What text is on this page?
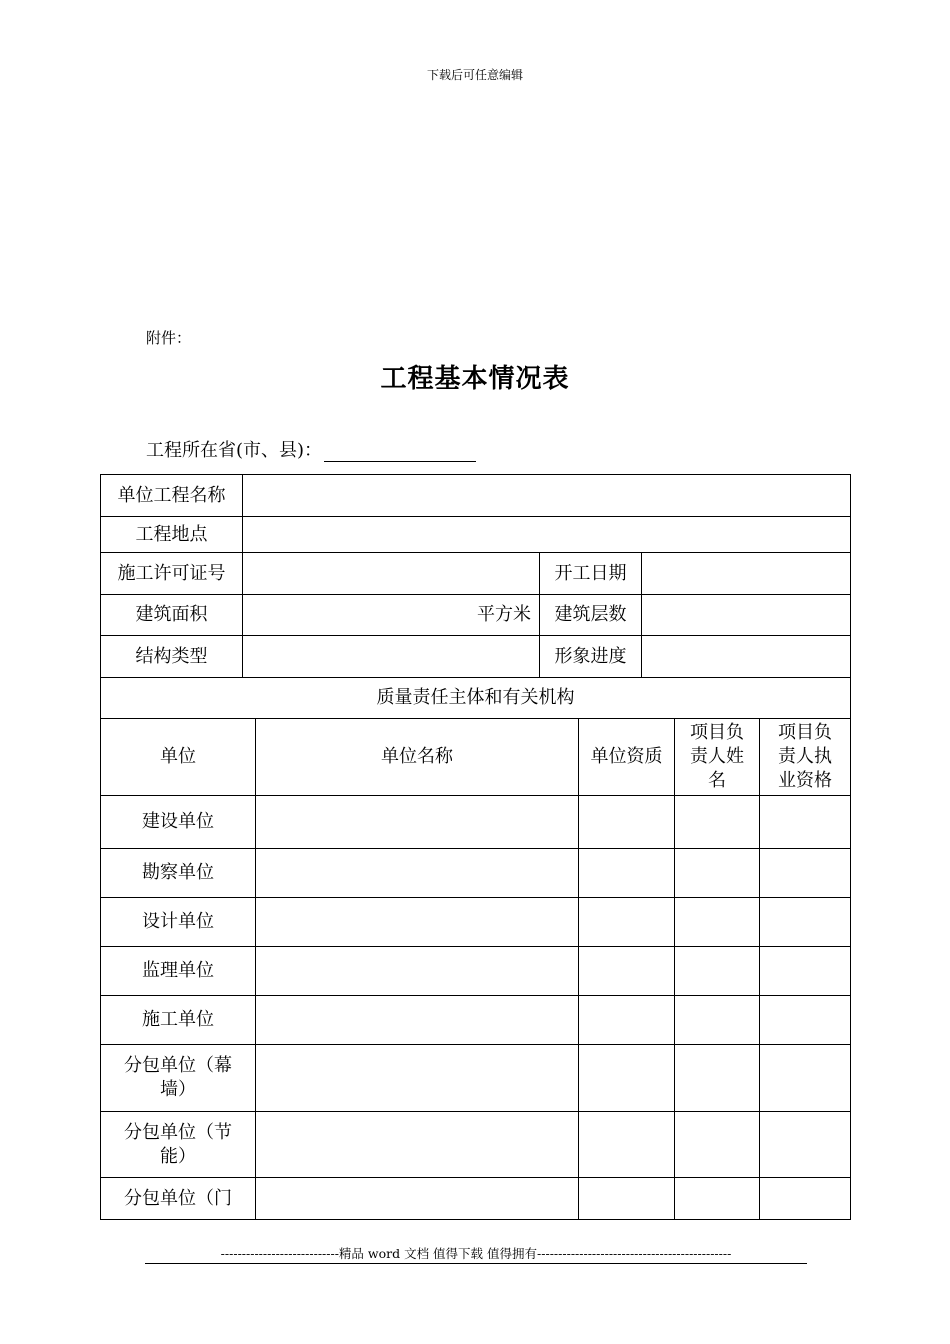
下载后可任意编辑
附件：
工程基本情况表
工程所在省(市、县)：
单位工程名称			
工程地点			
施工许可证号		开工日期	
建筑面积	平方米	建筑层数	
结构类型		形象进度	
质量责任主体和有关机构			
单位	单位名称	单位资质	项目负责人姓名	项目负责人执业资格
建设单位				
勘察单位				
设计单位				
监理单位				
施工单位				
分包单位（幕墙）				
分包单位（节能）				
分包单位（门				
----------------------------精品 word 文档 值得下载 值得拥有----------------------------------------------
